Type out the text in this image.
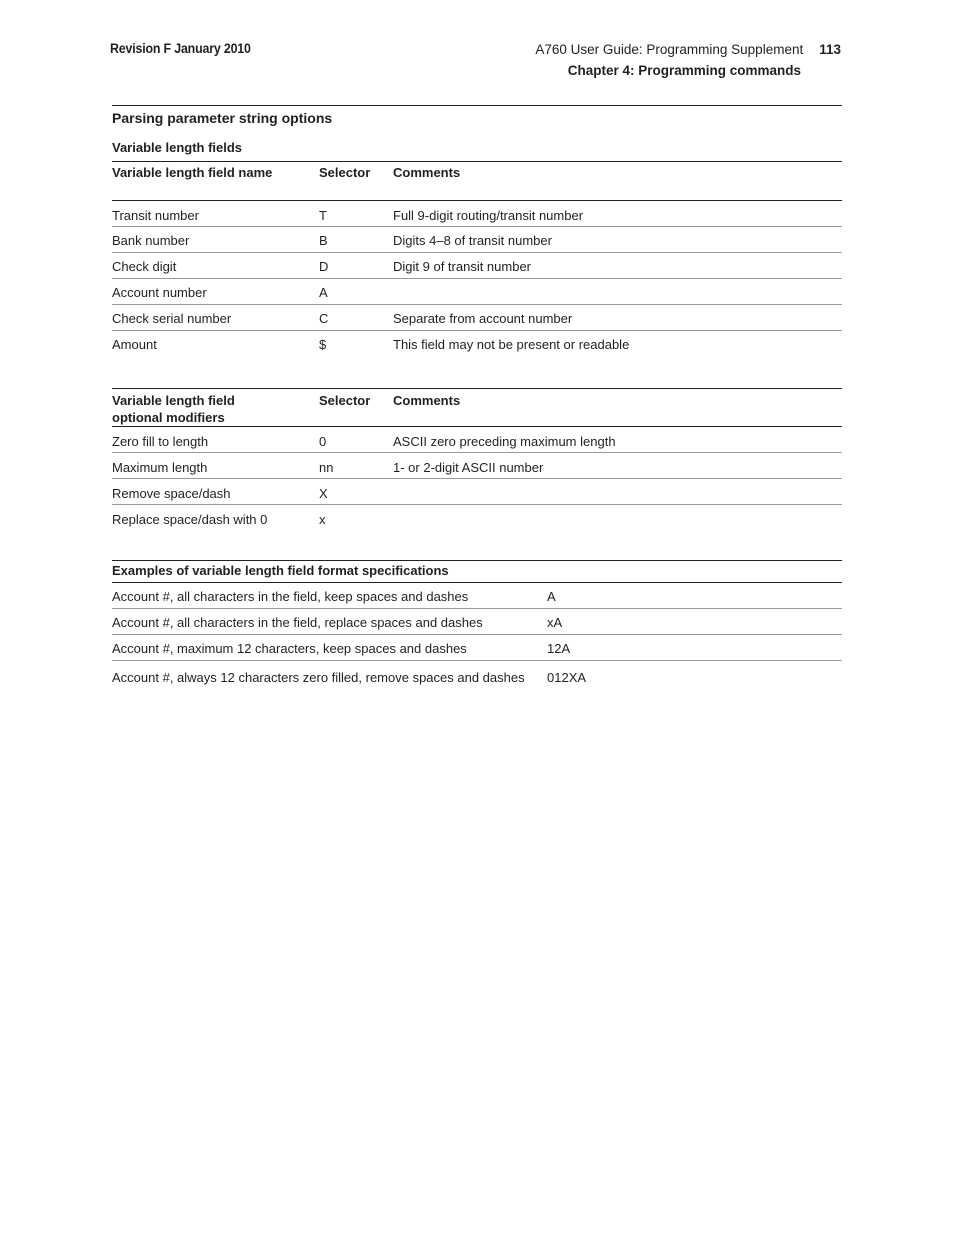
Revision F January 2010	A760 User Guide: Programming Supplement 113
Chapter 4: Programming commands
Parsing parameter string options
Variable length fields
Variable length field name	Selector	Comments
Transit number	T	Full 9-digit routing/transit number
Bank number	B	Digits 4–8 of transit number
Check digit	D	Digit 9 of transit number
Account number	A	
Check serial number	C	Separate from account number
Amount	$	This field may not be present or readable
Variable length field optional modifiers	Selector	Comments
Zero fill to length	0	ASCII zero preceding maximum length
Maximum length	nn	1- or 2-digit ASCII number
Remove space/dash	X	
Replace space/dash with 0	x	
Examples of variable length field format specifications	
Account #, all characters in the field, keep spaces and dashes	A
Account #, all characters in the field, replace spaces and dashes	xA
Account #, maximum 12 characters, keep spaces and dashes	12A
Account #, always 12 characters zero filled, remove spaces and dashes	012XA
